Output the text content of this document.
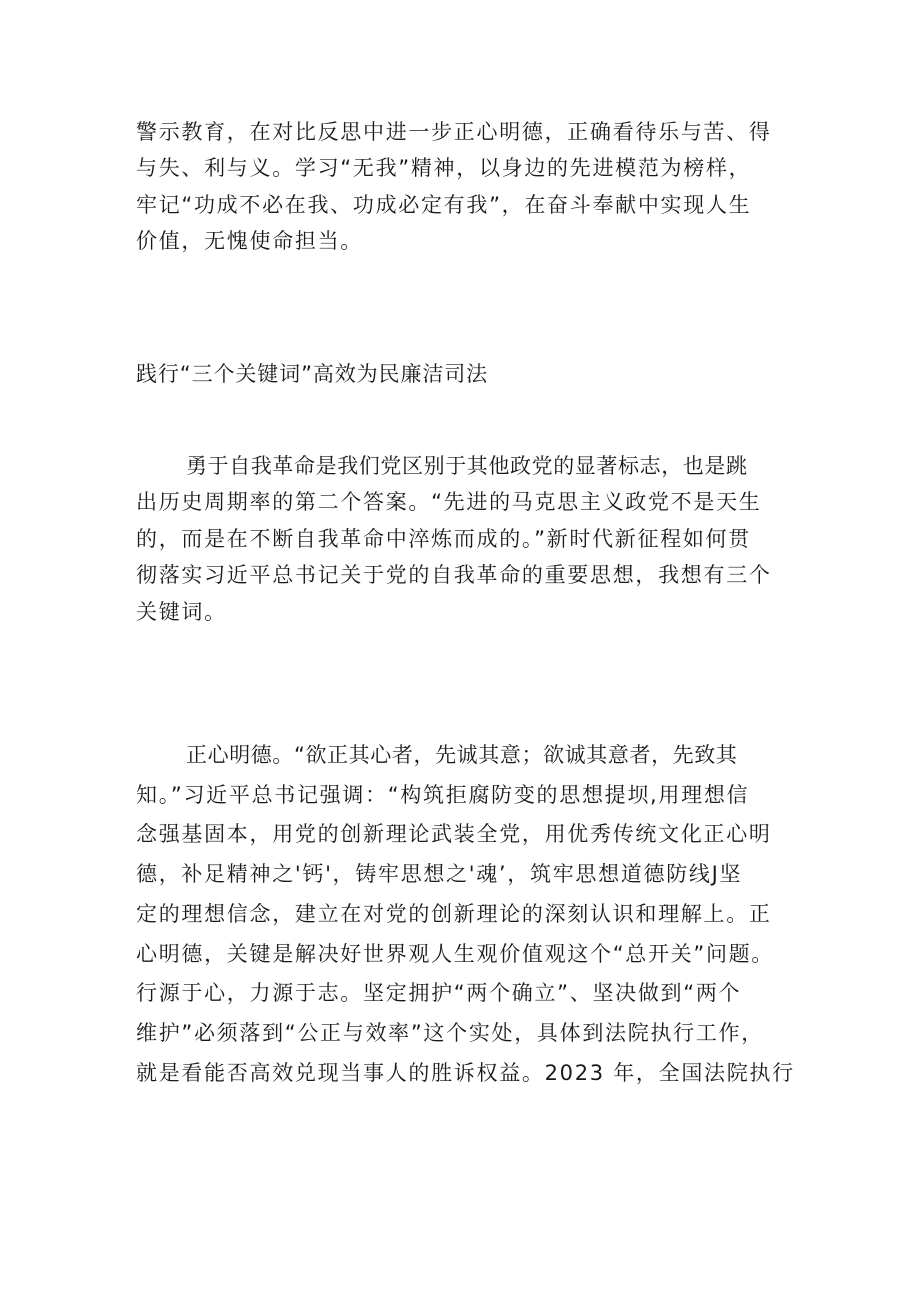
警示教育，在对比反思中进一步正心明德，正确看待乐与苦、得
与失、利与义。学习“无我”精神，以身边的先进模范为榜样，
牢记“功成不必在我、功成必定有我”，在奋斗奉献中实现人生
价值，无愧使命担当。
践行“三个关键词”高效为民廉洁司法
勇于自我革命是我们党区别于其他政党的显著标志，也是跳
出历史周期率的第二个答案。“先进的马克思主义政党不是天生
的，而是在不断自我革命中淬炼而成的。”新时代新征程如何贯
彻落实习近平总书记关于党的自我革命的重要思想，我想有三个
关键词。
正心明德。“欲正其心者，先诚其意；欲诚其意者，先致其
知。”习近平总书记强调：“构筑拒腐防变的思想提坝,用理想信
念强基固本，用党的创新理论武装全党，用优秀传统文化正心明
德，补足精神之'钙'，铸牢思想之'魂’，筑牢思想道德防线J坚
定的理想信念，建立在对党的创新理论的深刻认识和理解上。正
心明德，关键是解决好世界观人生观价值观这个“总开关”问题。
行源于心，力源于志。坚定拥护“两个确立”、坚决做到“两个
维护”必须落到“公正与效率”这个实处，具体到法院执行工作，
就是看能否高效兑现当事人的胜诉权益。2023 年，全国法院执行
